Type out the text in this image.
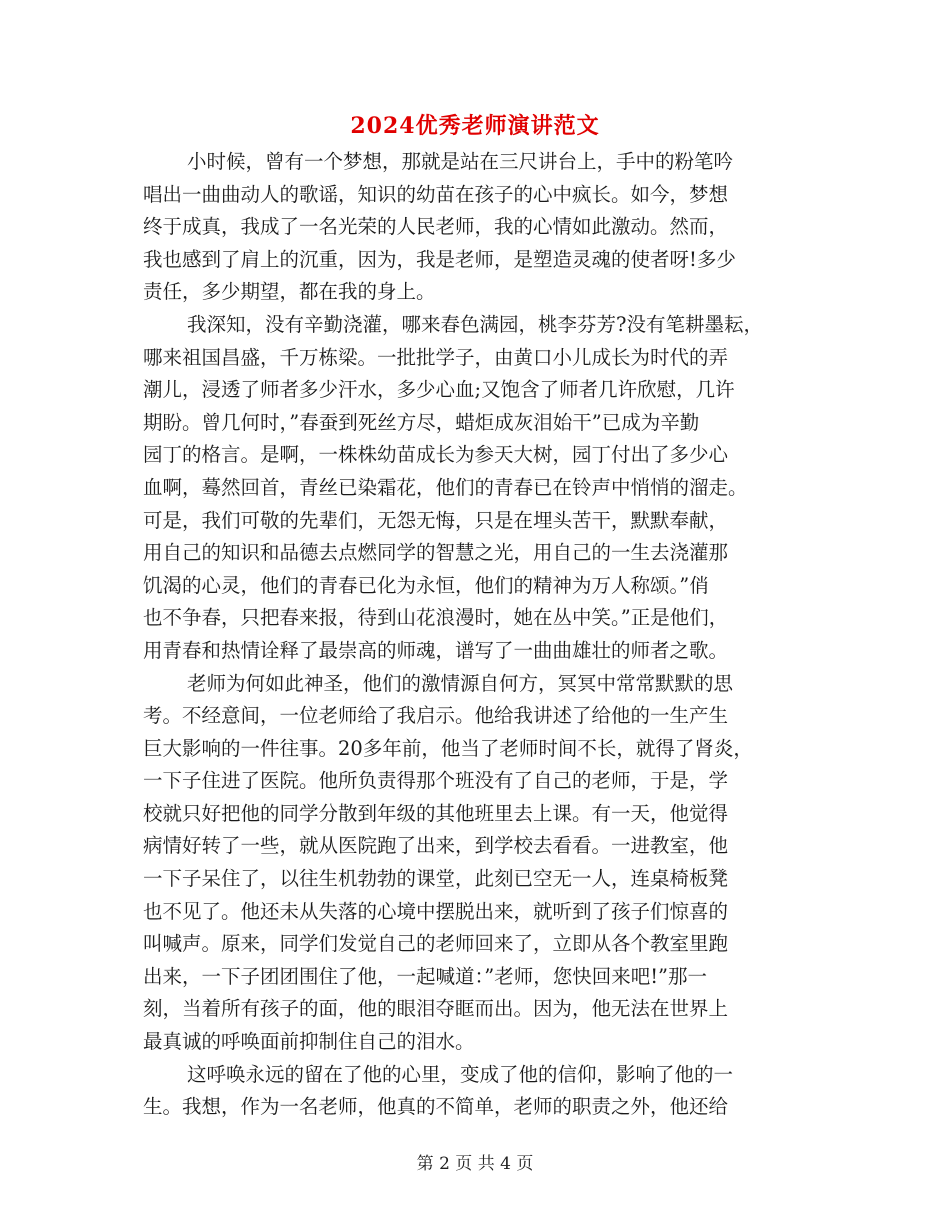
2024优秀老师演讲范文
小时候，曾有一个梦想，那就是站在三尺讲台上，手中的粉笔吟
唱出一曲曲动人的歌谣，知识的幼苗在孩子的心中疯长。如今，梦想
终于成真，我成了一名光荣的人民老师，我的心情如此激动。然而，
我也感到了肩上的沉重，因为，我是老师，是塑造灵魂的使者呀!多少
责任，多少期望，都在我的身上。
我深知，没有辛勤浇灌，哪来春色满园，桃李芬芳?没有笔耕墨耘，
哪来祖国昌盛，千万栋梁。一批批学子，由黄口小儿成长为时代的弄
潮儿，浸透了师者多少汗水，多少心血;又饱含了师者几许欣慰，几许
期盼。曾几何时，”春蚕到死丝方尽，蜡炬成灰泪始干”已成为辛勤
园丁的格言。是啊，一株株幼苗成长为参天大树，园丁付出了多少心
血啊，蓦然回首，青丝已染霜花，他们的青春已在铃声中悄悄的溜走。
可是，我们可敬的先辈们，无怨无悔，只是在埋头苦干，默默奉献，
用自己的知识和品德去点燃同学的智慧之光，用自己的一生去浇灌那
饥渴的心灵，他们的青春已化为永恒，他们的精神为万人称颂。”俏
也不争春，只把春来报，待到山花浪漫时，她在丛中笑。”正是他们，
用青春和热情诠释了最崇高的师魂，谱写了一曲曲雄壮的师者之歌。
老师为何如此神圣，他们的激情源自何方，冥冥中常常默默的思
考。不经意间，一位老师给了我启示。他给我讲述了给他的一生产生
巨大影响的一件往事。20多年前，他当了老师时间不长，就得了肾炎，
一下子住进了医院。他所负责得那个班没有了自己的老师，于是，学
校就只好把他的同学分散到年级的其他班里去上课。有一天，他觉得
病情好转了一些，就从医院跑了出来，到学校去看看。一进教室，他
一下子呆住了，以往生机勃勃的课堂，此刻已空无一人，连桌椅板凳
也不见了。他还未从失落的心境中摆脱出来，就听到了孩子们惊喜的
叫喊声。原来，同学们发觉自己的老师回来了，立即从各个教室里跑
出来，一下子团团围住了他，一起喊道：”老师，您快回来吧!”那一
刻，当着所有孩子的面，他的眼泪夺眶而出。因为，他无法在世界上
最真诚的呼唤面前抑制住自己的泪水。
这呼唤永远的留在了他的心里，变成了他的信仰，影响了他的一
生。我想，作为一名老师，他真的不简单，老师的职责之外，他还给
第 2 页 共 4 页
